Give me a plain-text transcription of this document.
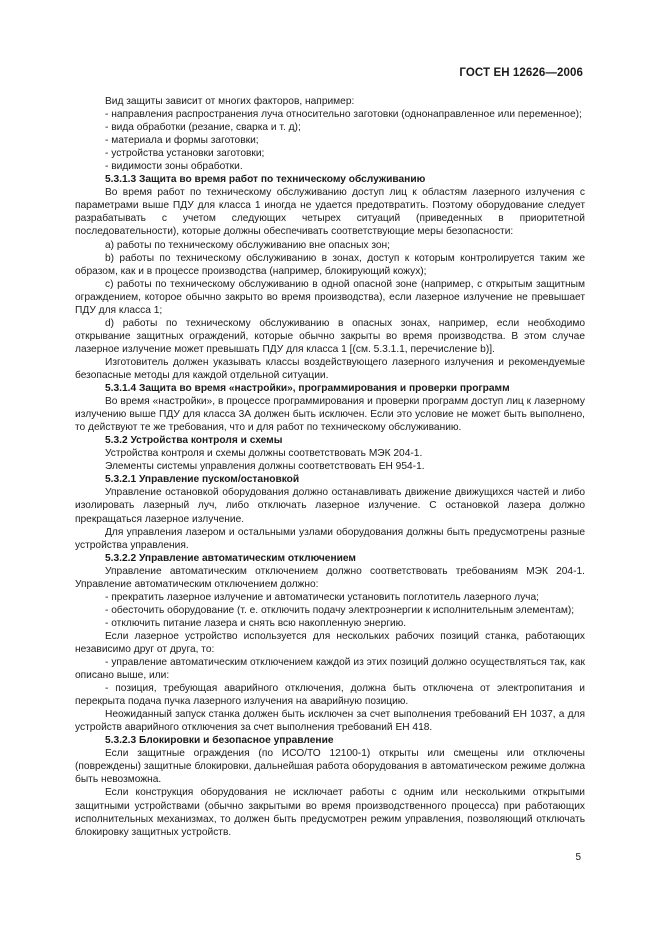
ГОСТ ЕН 12626—2006

Вид защиты зависит от многих факторов, например:

- направления распространения луча относительно заготовки (однонаправленное или переменное);

- вида обработки (резание, сварка и т. д);

- материала и формы заготовки;

- устройства установки заготовки;

- видимости зоны обработки.

5.3.1.3 Защита во время работ по техническому обслуживанию

Во время работ по техническому обслуживанию доступ лиц к областям лазерного излучения с параметрами выше ПДУ для класса 1 иногда не удается предотвратить. Поэтому оборудование следует разрабатывать с учетом следующих четырех ситуаций (приведенных в приоритетной последовательности), которые должны обеспечивать соответствующие меры безопасности:

a) работы по техническому обслуживанию вне опасных зон;

b) работы по техническому обслуживанию в зонах, доступ к которым контролируется таким же образом, как и в процессе производства (например, блокирующий кожух);

c) работы по техническому обслуживанию в одной опасной зоне (например, с открытым защитным ограждением, которое обычно закрыто во время производства), если лазерное излучение не превышает ПДУ для класса 1;

d) работы по техническому обслуживанию в опасных зонах, например, если необходимо открывание защитных ограждений, которые обычно закрыты во время производства. В этом случае лазерное излучение может превышать ПДУ для класса 1 [(см. 5.3.1.1, перечисление b)].

Изготовитель должен указывать классы воздействующего лазерного излучения и рекомендуемые безопасные методы для каждой отдельной ситуации.

5.3.1.4 Защита во время «настройки», программирования и проверки программ

Во время «настройки», в процессе программирования и проверки программ доступ лиц к лазерному излучению выше ПДУ для класса 3А должен быть исключен. Если это условие не может быть выполнено, то действуют те же требования, что и для работ по техническому обслуживанию.

5.3.2 Устройства контроля и схемы

Устройства контроля и схемы должны соответствовать МЭК 204-1.

Элементы системы управления должны соответствовать ЕН 954-1.

5.3.2.1 Управление пуском/остановкой

Управление остановкой оборудования должно останавливать движение движущихся частей и либо изолировать лазерный луч, либо отключать лазерное излучение. С остановкой лазера должно прекращаться лазерное излучение.

Для управления лазером и остальными узлами оборудования должны быть предусмотрены разные устройства управления.

5.3.2.2 Управление автоматическим отключением

Управление автоматическим отключением должно соответствовать требованиям МЭК 204-1. Управление автоматическим отключением должно:

- прекратить лазерное излучение и автоматически установить поглотитель лазерного луча;

- обесточить оборудование (т. е. отключить подачу электроэнергии к исполнительным элементам);

- отключить питание лазера и снять всю накопленную энергию.

Если лазерное устройство используется для нескольких рабочих позиций станка, работающих независимо друг от друга, то:

- управление автоматическим отключением каждой из этих позиций должно осуществляться так, как описано выше, или:

- позиция, требующая аварийного отключения, должна быть отключена от электропитания и перекрыта подача пучка лазерного излучения на аварийную позицию.

Неожиданный запуск станка должен быть исключен за счет выполнения требований ЕН 1037, а для устройств аварийного отключения за счет выполнения требований ЕН 418.

5.3.2.3 Блокировки и безопасное управление

Если защитные ограждения (по ИСО/ТО 12100-1) открыты или смещены или отключены (повреждены) защитные блокировки, дальнейшая работа оборудования в автоматическом режиме должна быть невозможна.

Если конструкция оборудования не исключает работы с одним или несколькими открытыми защитными устройствами (обычно закрытыми во время производственного процесса) при работающих исполнительных механизмах, то должен быть предусмотрен режим управления, позволяющий отключать блокировку защитных устройств.

5
